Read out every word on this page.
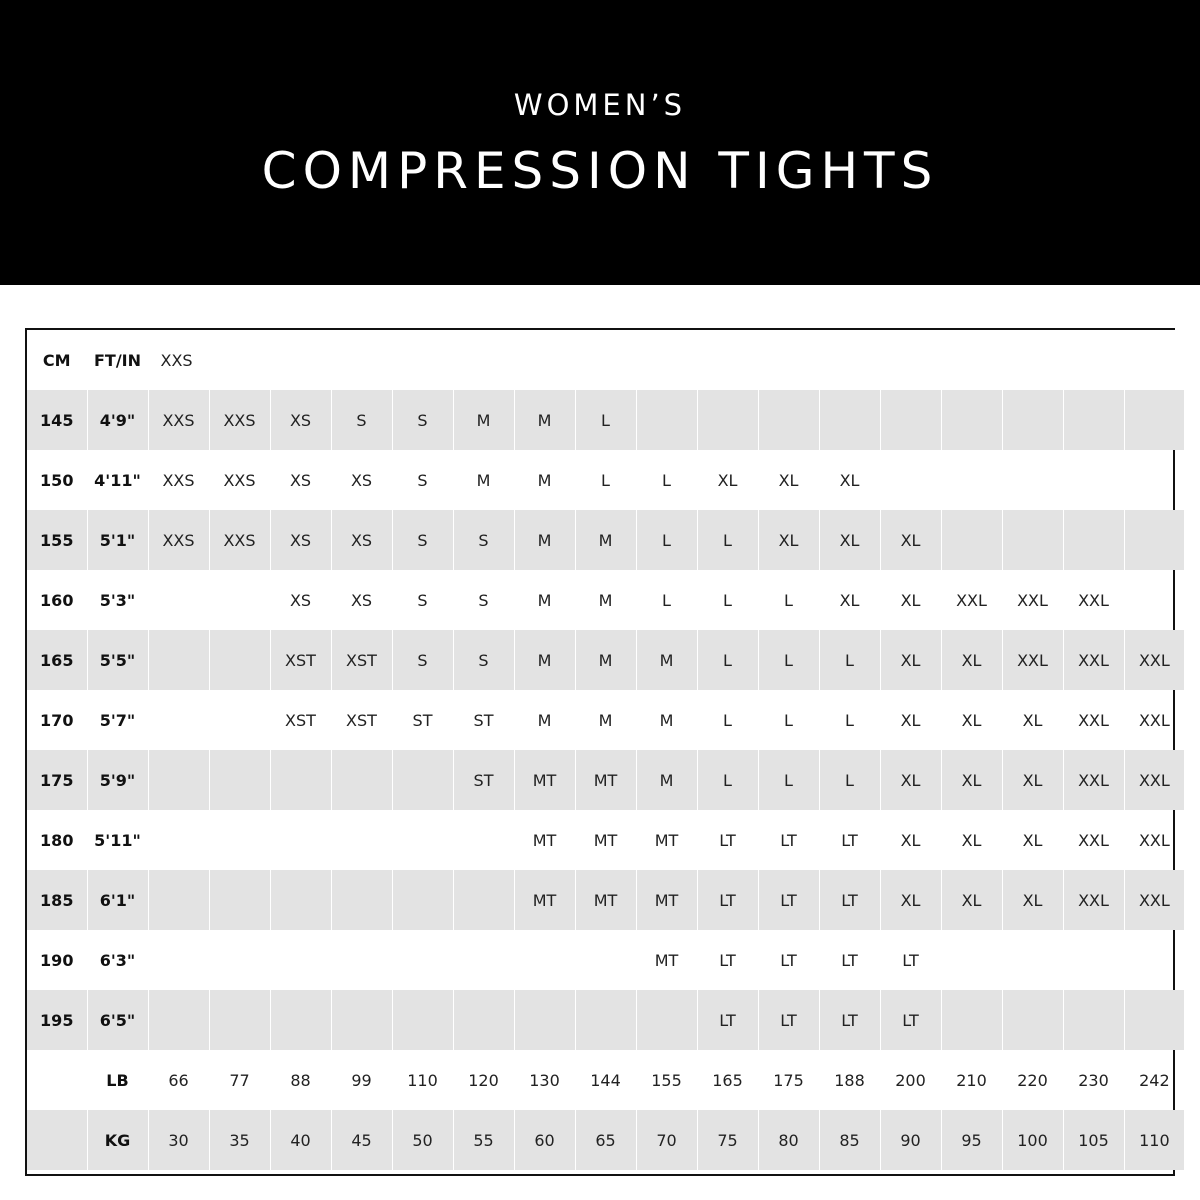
WOMEN’S
COMPRESSION TIGHTS
CM	FT/IN	XXS																
145	4'9"	XXS	XXS	XS	S	S	M	M	L									
150	4'11"	XXS	XXS	XS	XS	S	M	M	L	L	XL	XL	XL					
155	5'1"	XXS	XXS	XS	XS	S	S	M	M	L	L	XL	XL	XL				
160	5'3"			XS	XS	S	S	M	M	L	L	L	XL	XL	XXL	XXL	XXL	
165	5'5"			XST	XST	S	S	M	M	M	L	L	L	XL	XL	XXL	XXL	XXL
170	5'7"			XST	XST	ST	ST	M	M	M	L	L	L	XL	XL	XL	XXL	XXL
175	5'9"						ST	MT	MT	M	L	L	L	XL	XL	XL	XXL	XXL
180	5'11"							MT	MT	MT	LT	LT	LT	XL	XL	XL	XXL	XXL
185	6'1"							MT	MT	MT	LT	LT	LT	XL	XL	XL	XXL	XXL
190	6'3"									MT	LT	LT	LT	LT				
195	6'5"										LT	LT	LT	LT				
	LB	66	77	88	99	110	120	130	144	155	165	175	188	200	210	220	230	242
	KG	30	35	40	45	50	55	60	65	70	75	80	85	90	95	100	105	110
